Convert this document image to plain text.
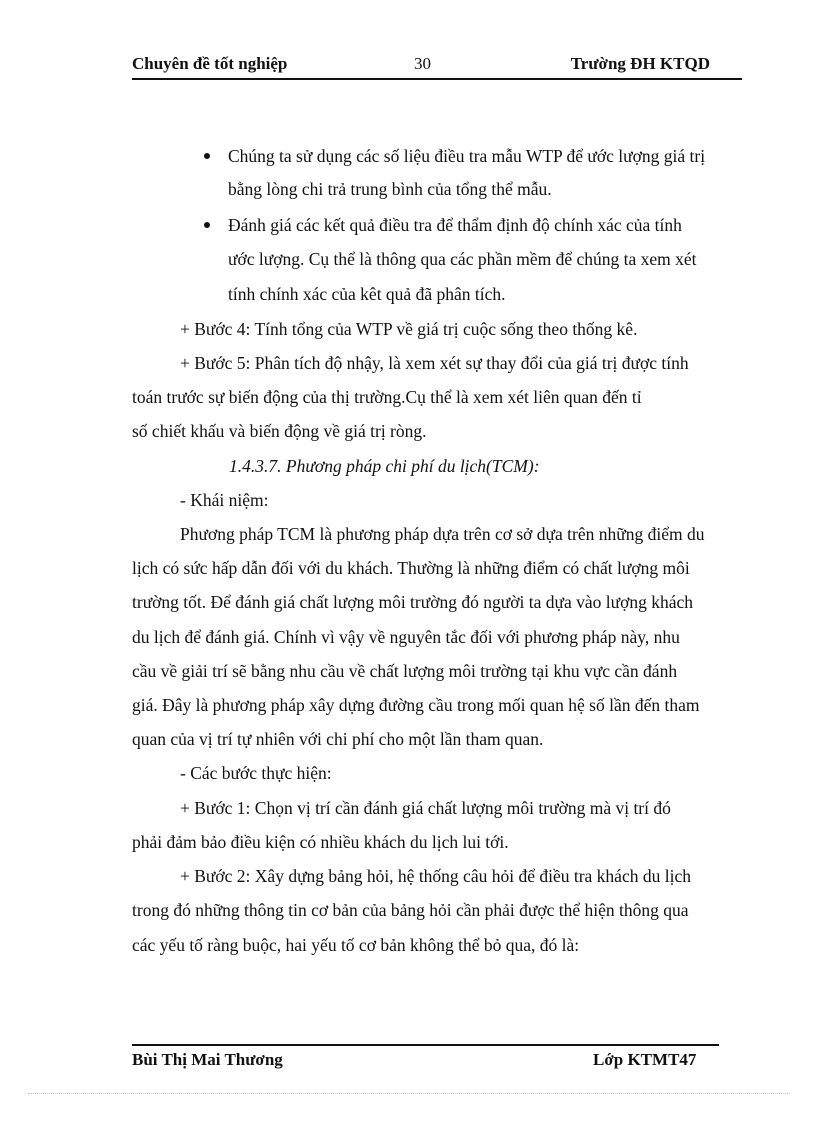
Chuyên đề tốt nghiệp	30	Trường ĐH KTQD
Chúng ta sử dụng các số liệu điều tra mẫu WTP để ước lượng giá trị
bằng lòng chi trả trung bình của tổng thể mẫu.
Đánh giá các kết quả điều tra để thẩm định độ chính xác của tính
ước lượng. Cụ thể là thông qua các phần mềm để chúng ta xem xét
tính chính xác của kêt quả đã phân tích.
+ Bước 4: Tính tổng của WTP về giá trị cuộc sống theo thống kê.
+ Bước 5: Phân tích độ nhậy, là xem xét sự thay đổi của giá trị được tính
toán trước sự biến động của thị trường.Cụ thể là xem xét liên quan đến tỉ
số chiết khấu và biến động về giá trị ròng.
1.4.3.7. Phương pháp chi phí du lịch(TCM):
- Khái niệm:
Phương pháp TCM là phương pháp dựa trên cơ sở dựa trên những điểm du
lịch có sức hấp dẫn đối với du khách. Thường là những điểm có chất lượng môi
trường tốt. Để đánh giá chất lượng môi trường đó người ta dựa vào lượng khách
du lịch để đánh giá. Chính vì vậy về nguyên tắc đối với phương pháp này, nhu
cầu về giải trí sẽ bằng nhu cầu về chất lượng môi trường tại khu vực cần đánh
giá. Đây là phương pháp xây dựng đường cầu trong mối quan hệ số lần đến tham
quan của vị trí tự nhiên với chi phí cho một lần tham quan.
- Các bước thực hiện:
+ Bước 1: Chọn vị trí cần đánh giá chất lượng môi trường mà vị trí đó
phải đảm bảo điều kiện có nhiều khách du lịch lui tới.
+ Bước 2: Xây dựng bảng hỏi, hệ thống câu hỏi để điều tra khách du lịch
trong đó những thông tin cơ bản của bảng hỏi cần phải được thể hiện thông qua
các yếu tố ràng buộc, hai yếu tố cơ bản không thể bỏ qua, đó là:
Bùi Thị Mai Thương	Lớp KTMT47
